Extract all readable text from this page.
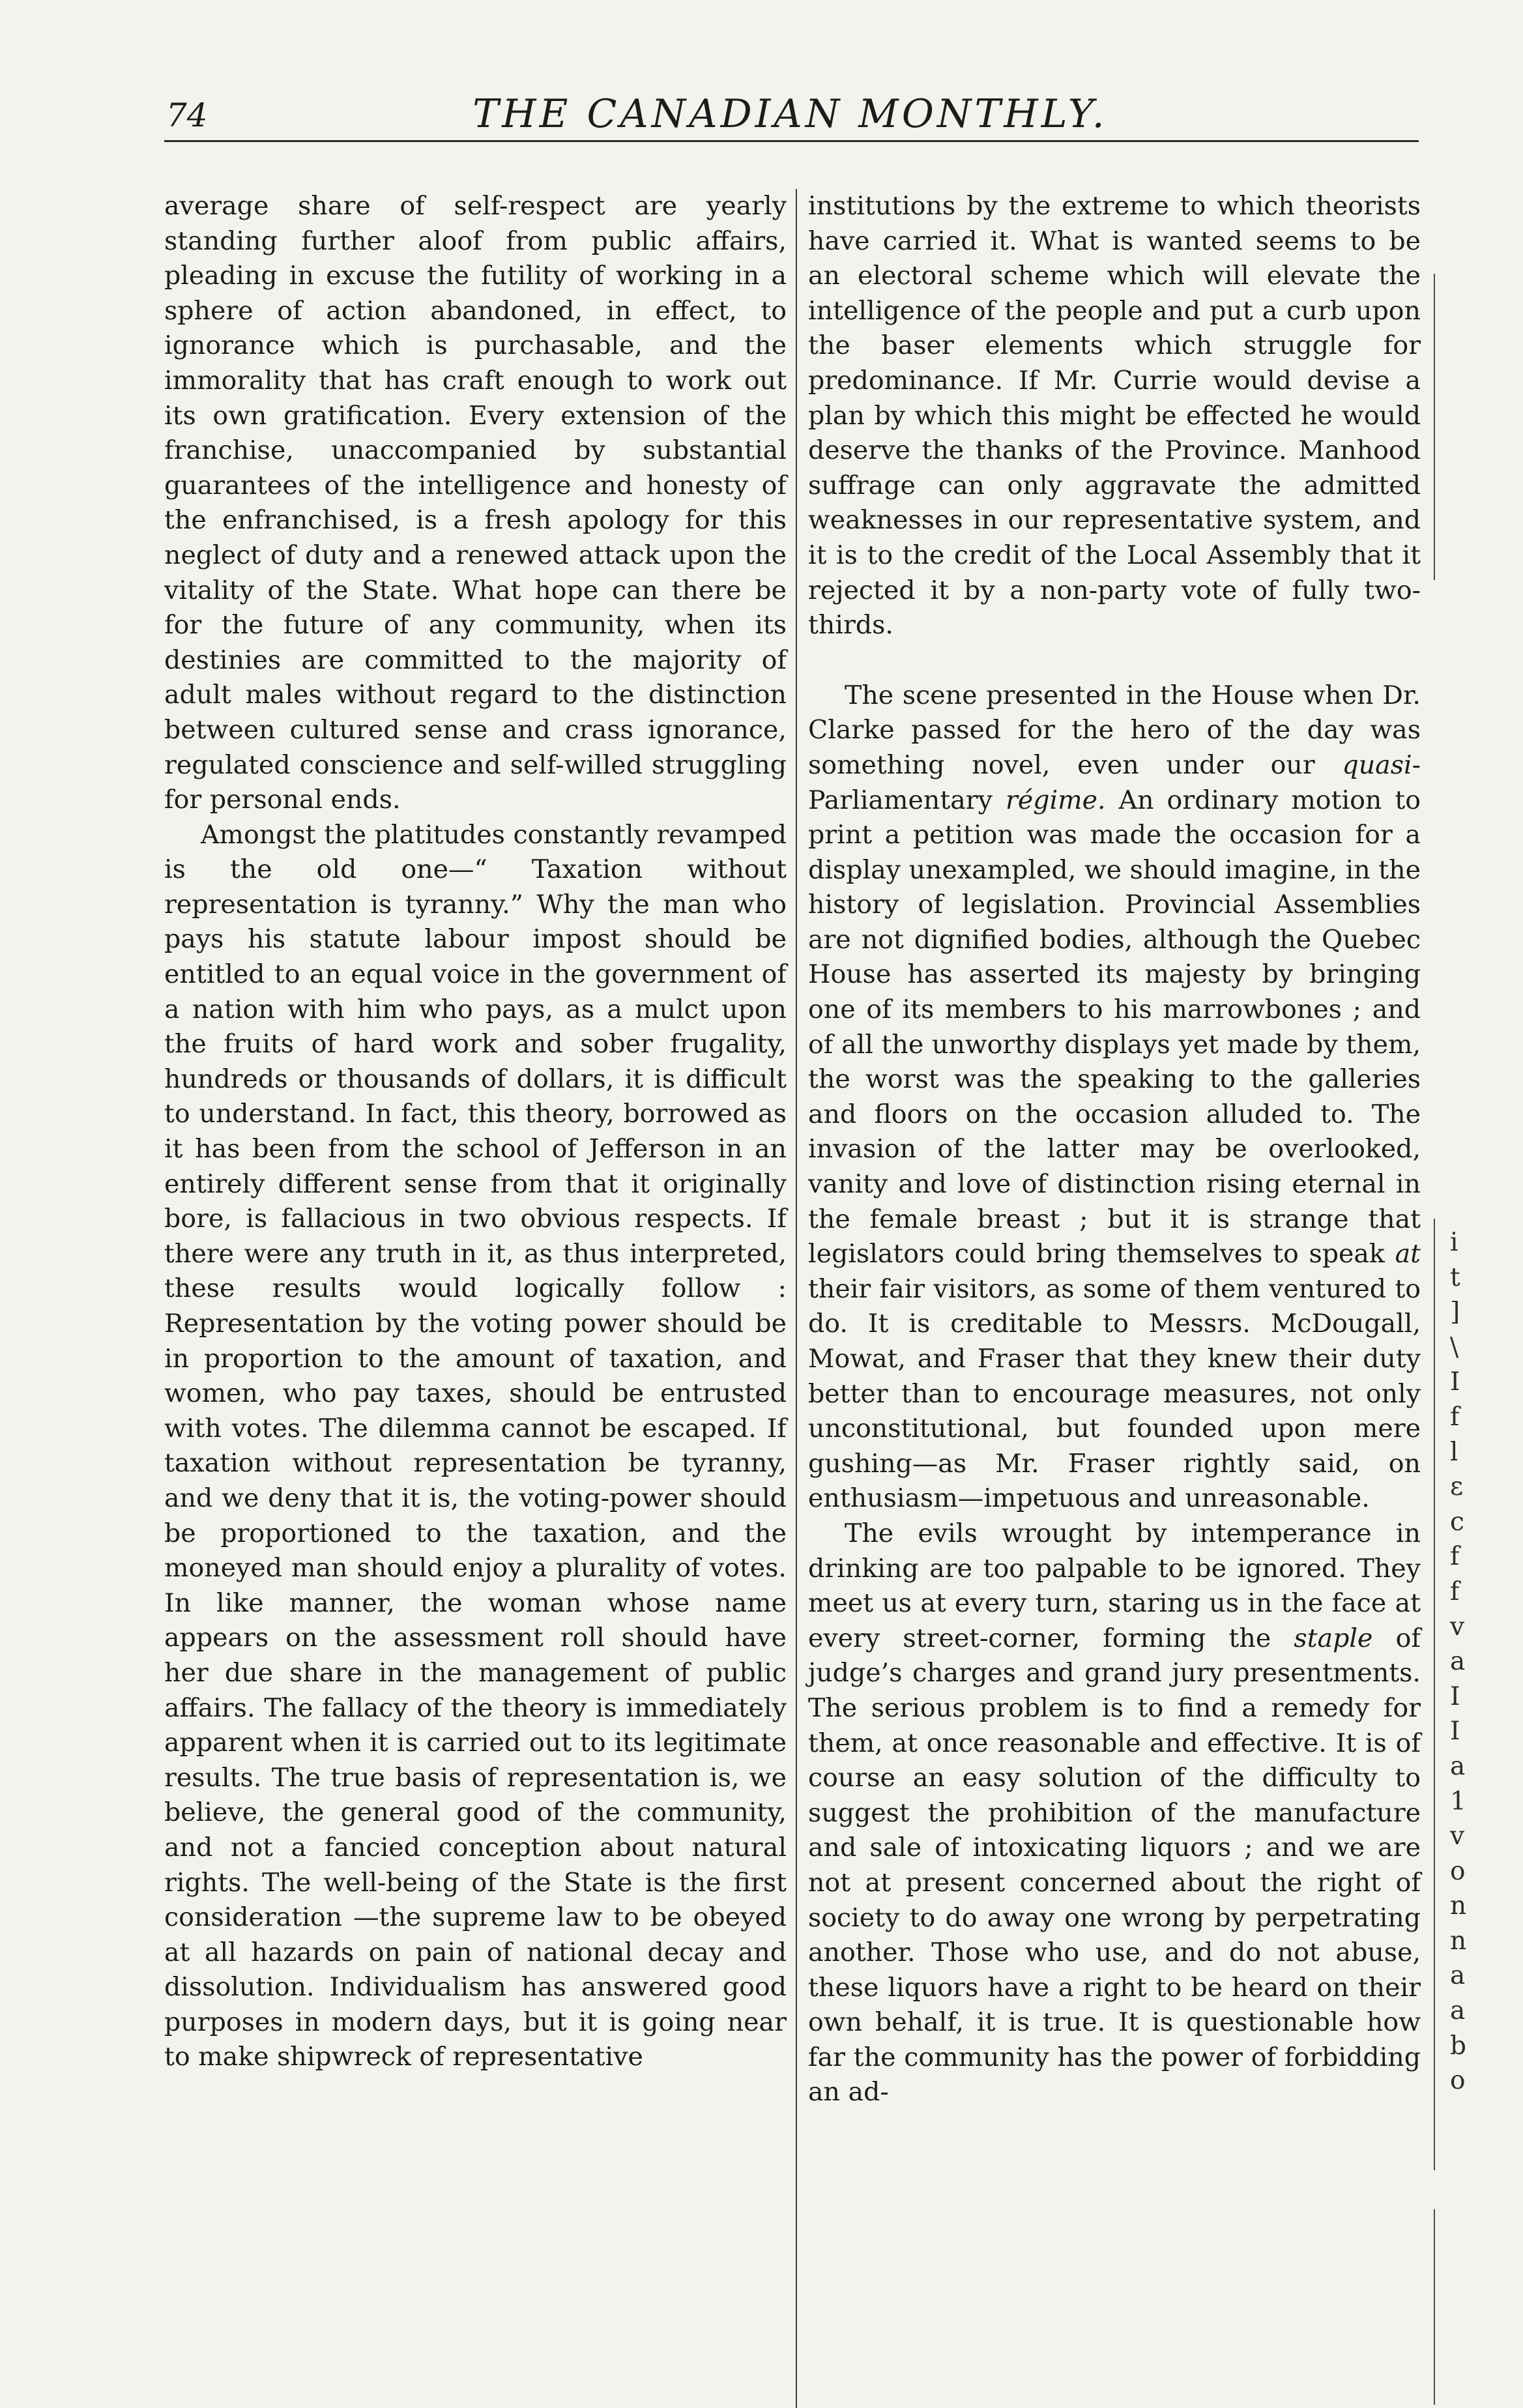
74	THE CANADIAN MONTHLY.

average share of self-respect are yearly standing further aloof from public affairs, pleading in excuse the futility of working in a sphere of action abandoned, in effect, to ignorance which is purchasable, and the immorality that has craft enough to work out its own gratification. Every extension of the franchise, unaccompanied by substantial guarantees of the intelligence and honesty of the enfranchised, is a fresh apology for this neglect of duty and a renewed attack upon the vitality of the State. What hope can there be for the future of any community, when its destinies are committed to the majority of adult males without regard to the distinction between cultured sense and crass ignorance, regulated conscience and self-willed struggling for personal ends.

Amongst the platitudes constantly revamped is the old one—“ Taxation without representation is tyranny.” Why the man who pays his statute labour impost should be entitled to an equal voice in the government of a nation with him who pays, as a mulct upon the fruits of hard work and sober frugality, hundreds or thousands of dollars, it is difficult to understand. In fact, this theory, borrowed as it has been from the school of Jefferson in an entirely different sense from that it originally bore, is fallacious in two obvious respects. If there were any truth in it, as thus interpreted, these results would logically follow : Representation by the voting power should be in proportion to the amount of taxation, and women, who pay taxes, should be entrusted with votes. The dilemma cannot be escaped. If taxation without representation be tyranny, and we deny that it is, the voting-power should be proportioned to the taxation, and the moneyed man should enjoy a plurality of votes. In like manner, the woman whose name appears on the assessment roll should have her due share in the management of public affairs. The fallacy of the theory is immediately apparent when it is carried out to its legitimate results. The true basis of representation is, we believe, the general good of the community, and not a fancied conception about natural rights. The well-being of the State is the first consideration —the supreme law to be obeyed at all hazards on pain of national decay and dissolution. Individualism has answered good purposes in modern days, but it is going near to make shipwreck of representative

institutions by the extreme to which theorists have carried it. What is wanted seems to be an electoral scheme which will elevate the intelligence of the people and put a curb upon the baser elements which struggle for predominance. If Mr. Currie would devise a plan by which this might be effected he would deserve the thanks of the Province. Manhood suffrage can only aggravate the admitted weaknesses in our representative system, and it is to the credit of the Local Assembly that it rejected it by a non-party vote of fully two-thirds.

The scene presented in the House when Dr. Clarke passed for the hero of the day was something novel, even under our quasi-Parliamentary régime. An ordinary motion to print a petition was made the occasion for a display unexampled, we should imagine, in the history of legislation. Provincial Assemblies are not dignified bodies, although the Quebec House has asserted its majesty by bringing one of its members to his marrowbones ; and of all the unworthy displays yet made by them, the worst was the speaking to the galleries and floors on the occasion alluded to. The invasion of the latter may be overlooked, vanity and love of distinction rising eternal in the female breast ; but it is strange that legislators could bring themselves to speak at their fair visitors, as some of them ventured to do. It is creditable to Messrs. McDougall, Mowat, and Fraser that they knew their duty better than to encourage measures, not only unconstitutional, but founded upon mere gushing—as Mr. Fraser rightly said, on enthusiasm—impetuous and unreasonable.

The evils wrought by intemperance in drinking are too palpable to be ignored. They meet us at every turn, staring us in the face at every street-corner, forming the staple of judge’s charges and grand jury presentments. The serious problem is to find a remedy for them, at once reasonable and effective. It is of course an easy solution of the difficulty to suggest the prohibition of the manufacture and sale of intoxicating liquors ; and we are not at present concerned about the right of society to do away one wrong by perpetrating another. Those who use, and do not abuse, these liquors have a right to be heard on their own behalf, it is true. It is questionable how far the community has the power of forbidding an ad-

i
t
]
\
I
f
l
ε
c
f
f
v
a
I
I
a
1
v
o
n
n
a
a
b
o
